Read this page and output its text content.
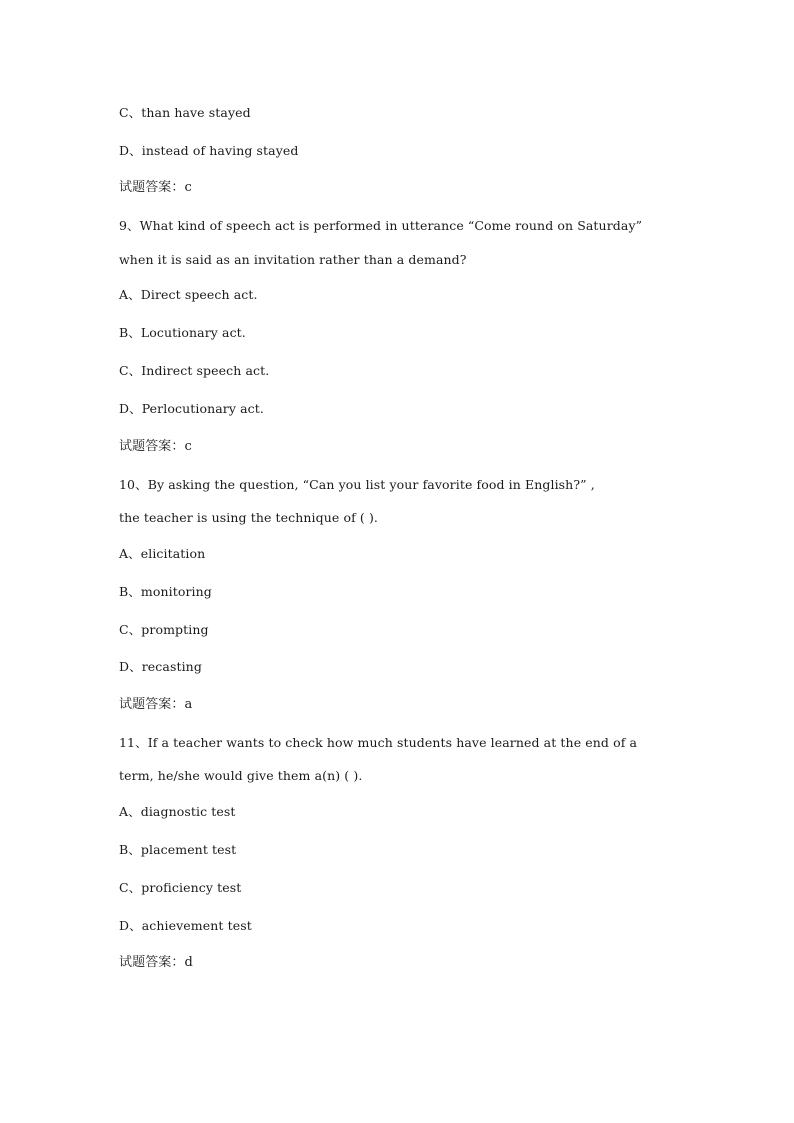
C、than have stayed
D、instead of having stayed
试题答案：c
9、What kind of speech act is performed in utterance “Come round on Saturday”
when it is said as an invitation rather than a demand?
A、Direct speech act.
B、Locutionary act.
C、Indirect speech act.
D、Perlocutionary act.
试题答案：c
10、By asking the question, “Can you list your favorite food in English?” ,
the teacher is using the technique of ( ).
A、elicitation
B、monitoring
C、prompting
D、recasting
试题答案：a
11、If a teacher wants to check how much students have learned at the end of a
term, he/she would give them a(n) ( ).
A、diagnostic test
B、placement test
C、proficiency test
D、achievement test
试题答案：d
